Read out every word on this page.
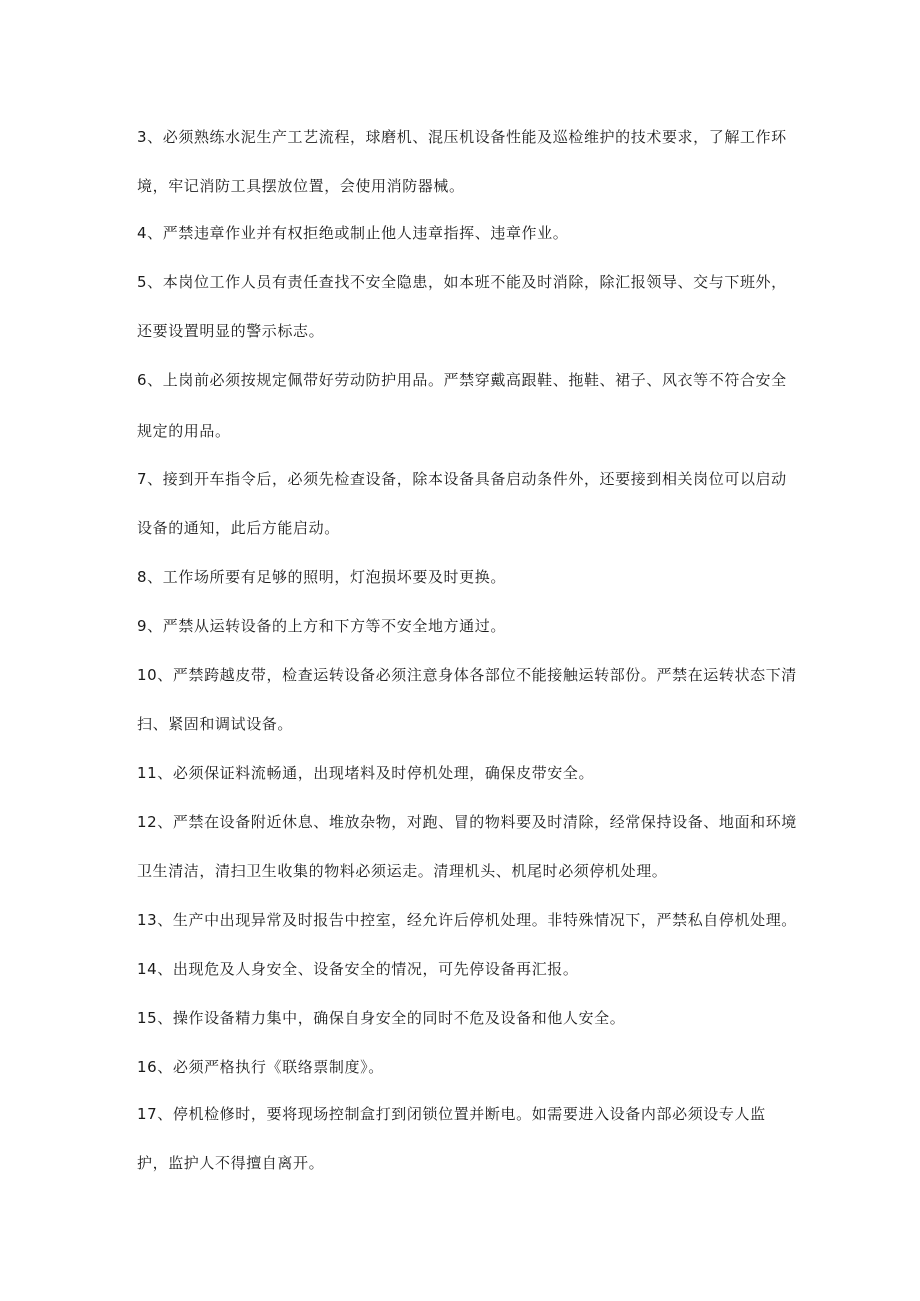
3、必须熟练水泥生产工艺流程，球磨机、混压机设备性能及巡检维护的技术要求，了解工作环
境，牢记消防工具摆放位置，会使用消防器械。
4、严禁违章作业并有权拒绝或制止他人违章指挥、违章作业。
5、本岗位工作人员有责任查找不安全隐患，如本班不能及时消除，除汇报领导、交与下班外，
还要设置明显的警示标志。
6、上岗前必须按规定佩带好劳动防护用品。严禁穿戴高跟鞋、拖鞋、裙子、风衣等不符合安全
规定的用品。
7、接到开车指令后，必须先检查设备，除本设备具备启动条件外，还要接到相关岗位可以启动
设备的通知，此后方能启动。
8、工作场所要有足够的照明，灯泡损坏要及时更换。
9、严禁从运转设备的上方和下方等不安全地方通过。
10、严禁跨越皮带，检查运转设备必须注意身体各部位不能接触运转部份。严禁在运转状态下清
扫、紧固和调试设备。
11、必须保证料流畅通，出现堵料及时停机处理，确保皮带安全。
12、严禁在设备附近休息、堆放杂物，对跑、冒的物料要及时清除，经常保持设备、地面和环境
卫生清洁，清扫卫生收集的物料必须运走。清理机头、机尾时必须停机处理。
13、生产中出现异常及时报告中控室，经允许后停机处理。非特殊情况下，严禁私自停机处理。
14、出现危及人身安全、设备安全的情况，可先停设备再汇报。
15、操作设备精力集中，确保自身安全的同时不危及设备和他人安全。
16、必须严格执行《联络票制度》。
17、停机检修时，要将现场控制盒打到闭锁位置并断电。如需要进入设备内部必须设专人监
护，监护人不得擅自离开。
